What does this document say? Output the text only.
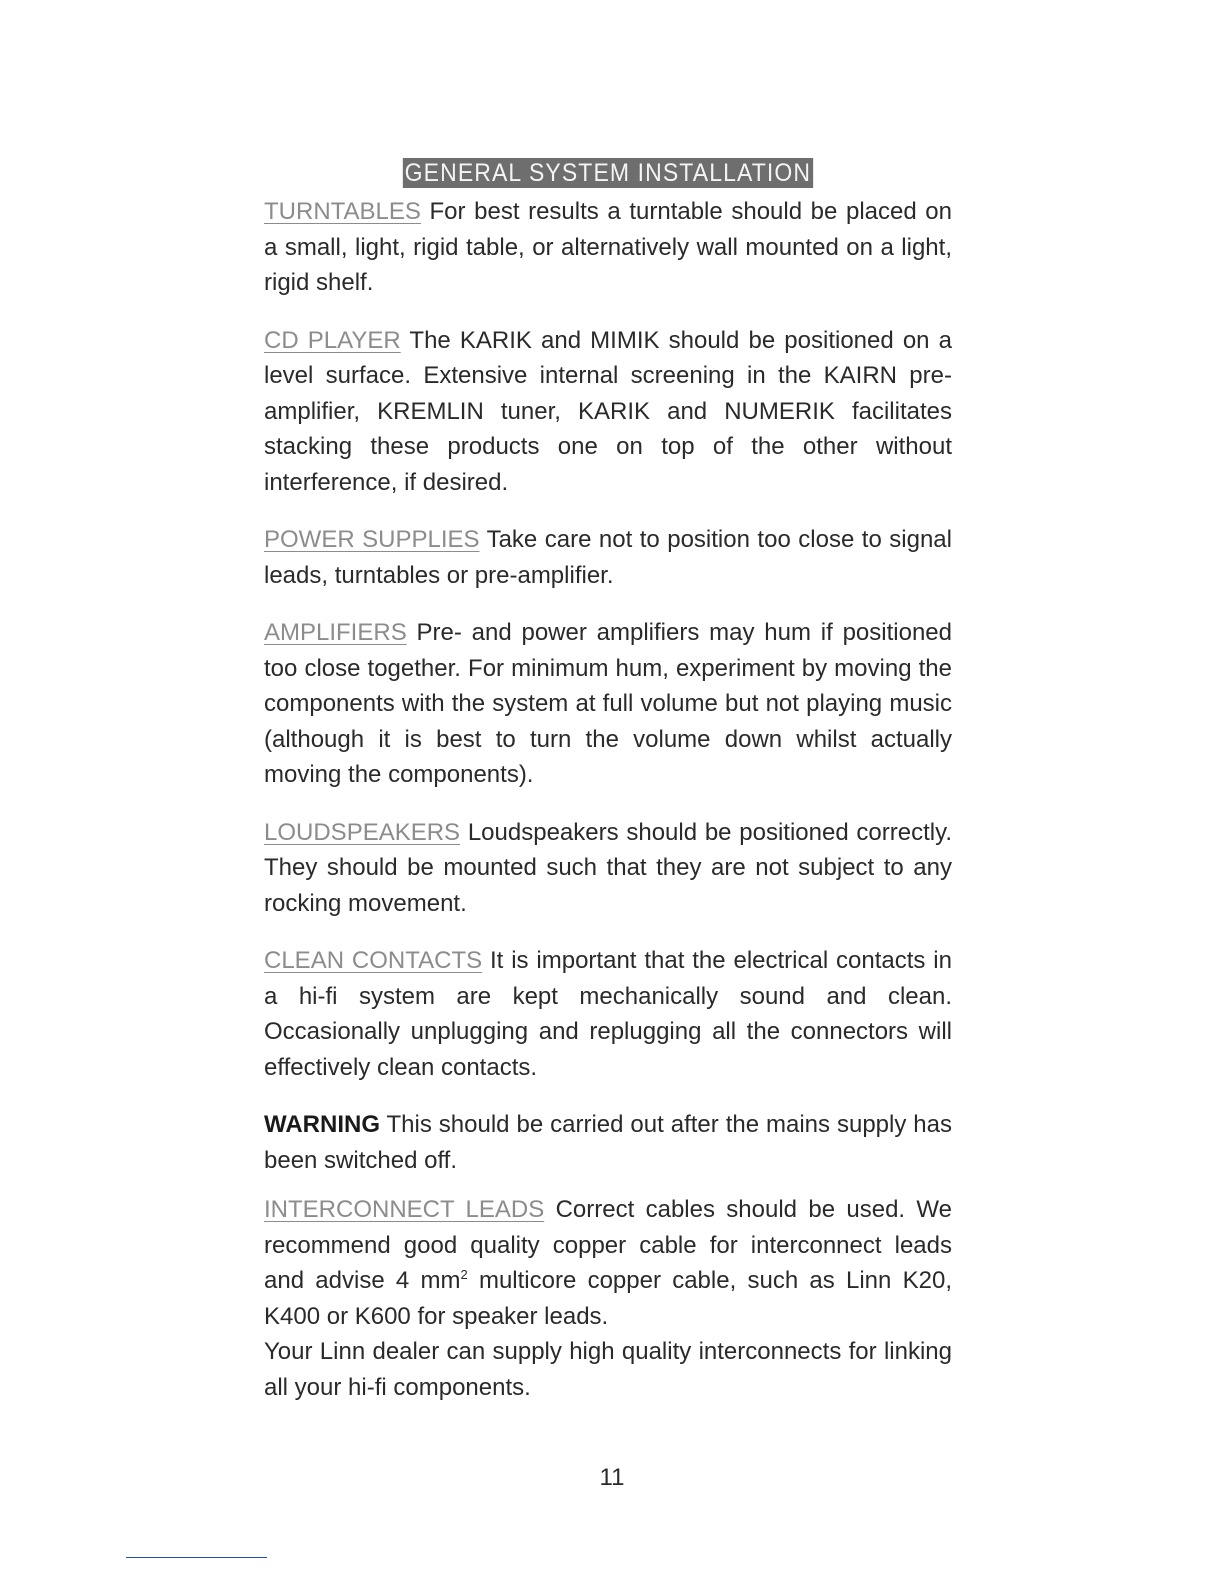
GENERAL SYSTEM INSTALLATION

TURNTABLES For best results a turntable should be placed on a small, light, rigid table, or alternatively wall mounted on a light, rigid shelf.

CD PLAYER The KARIK and MIMIK should be positioned on a level surface. Extensive internal screening in the KAIRN pre-amplifier, KREMLIN tuner, KARIK and NUMERIK facilitates stacking these products one on top of the other without interference, if desired.

POWER SUPPLIES Take care not to position too close to signal leads, turntables or pre-amplifier.

AMPLIFIERS Pre- and power amplifiers may hum if positioned too close together. For minimum hum, experiment by moving the components with the system at full volume but not playing music (although it is best to turn the volume down whilst actually moving the components).

LOUDSPEAKERS Loudspeakers should be positioned correctly. They should be mounted such that they are not subject to any rocking movement.

CLEAN CONTACTS It is important that the electrical contacts in a hi-fi system are kept mechanically sound and clean. Occasionally unplugging and replugging all the connectors will effectively clean contacts.

WARNING This should be carried out after the mains supply has been switched off.

INTERCONNECT LEADS Correct cables should be used. We recommend good quality copper cable for interconnect leads and advise 4 $mm^2$ multicore copper cable, such as Linn K20, K400 or K600 for speaker leads.

Your Linn dealer can supply high quality interconnects for linking all your hi-fi components.

11
